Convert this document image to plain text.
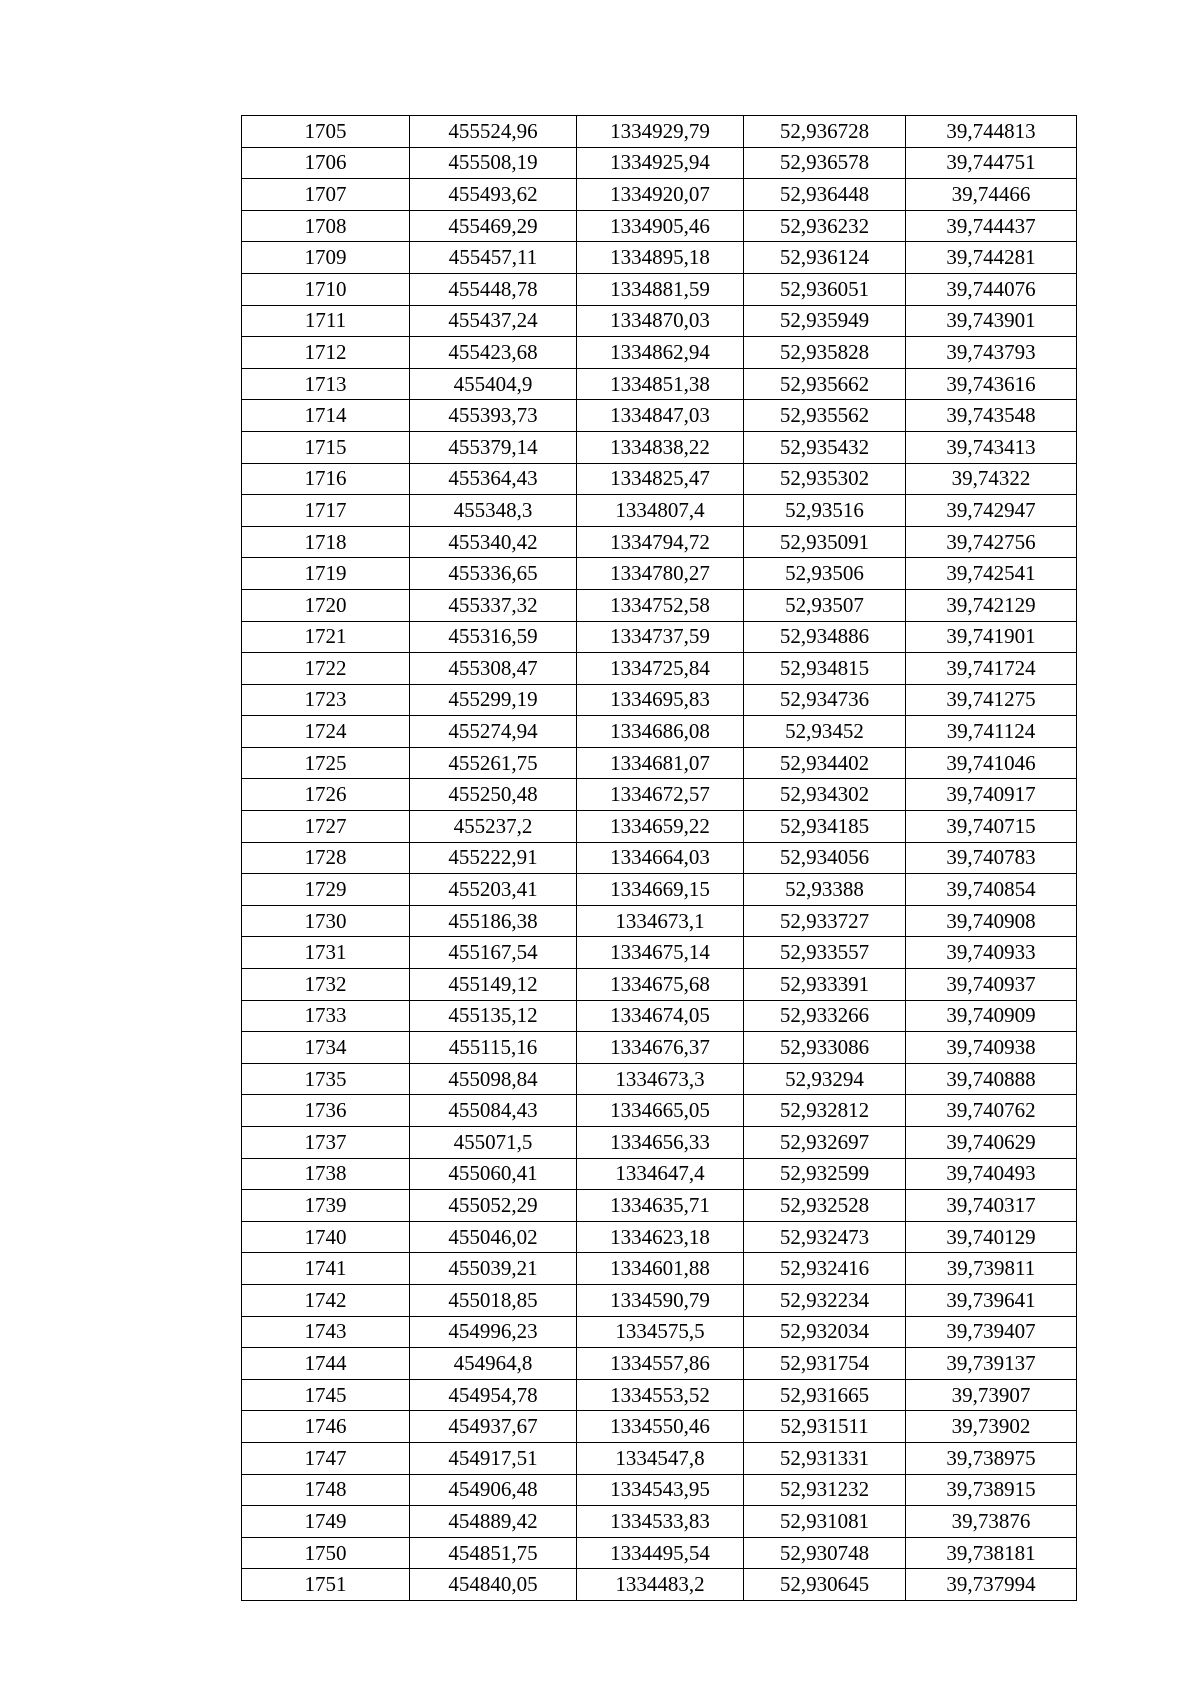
1705	455524,96	1334929,79	52,936728	39,744813
1706	455508,19	1334925,94	52,936578	39,744751
1707	455493,62	1334920,07	52,936448	39,74466
1708	455469,29	1334905,46	52,936232	39,744437
1709	455457,11	1334895,18	52,936124	39,744281
1710	455448,78	1334881,59	52,936051	39,744076
1711	455437,24	1334870,03	52,935949	39,743901
1712	455423,68	1334862,94	52,935828	39,743793
1713	455404,9	1334851,38	52,935662	39,743616
1714	455393,73	1334847,03	52,935562	39,743548
1715	455379,14	1334838,22	52,935432	39,743413
1716	455364,43	1334825,47	52,935302	39,74322
1717	455348,3	1334807,4	52,93516	39,742947
1718	455340,42	1334794,72	52,935091	39,742756
1719	455336,65	1334780,27	52,93506	39,742541
1720	455337,32	1334752,58	52,93507	39,742129
1721	455316,59	1334737,59	52,934886	39,741901
1722	455308,47	1334725,84	52,934815	39,741724
1723	455299,19	1334695,83	52,934736	39,741275
1724	455274,94	1334686,08	52,93452	39,741124
1725	455261,75	1334681,07	52,934402	39,741046
1726	455250,48	1334672,57	52,934302	39,740917
1727	455237,2	1334659,22	52,934185	39,740715
1728	455222,91	1334664,03	52,934056	39,740783
1729	455203,41	1334669,15	52,93388	39,740854
1730	455186,38	1334673,1	52,933727	39,740908
1731	455167,54	1334675,14	52,933557	39,740933
1732	455149,12	1334675,68	52,933391	39,740937
1733	455135,12	1334674,05	52,933266	39,740909
1734	455115,16	1334676,37	52,933086	39,740938
1735	455098,84	1334673,3	52,93294	39,740888
1736	455084,43	1334665,05	52,932812	39,740762
1737	455071,5	1334656,33	52,932697	39,740629
1738	455060,41	1334647,4	52,932599	39,740493
1739	455052,29	1334635,71	52,932528	39,740317
1740	455046,02	1334623,18	52,932473	39,740129
1741	455039,21	1334601,88	52,932416	39,739811
1742	455018,85	1334590,79	52,932234	39,739641
1743	454996,23	1334575,5	52,932034	39,739407
1744	454964,8	1334557,86	52,931754	39,739137
1745	454954,78	1334553,52	52,931665	39,73907
1746	454937,67	1334550,46	52,931511	39,73902
1747	454917,51	1334547,8	52,931331	39,738975
1748	454906,48	1334543,95	52,931232	39,738915
1749	454889,42	1334533,83	52,931081	39,73876
1750	454851,75	1334495,54	52,930748	39,738181
1751	454840,05	1334483,2	52,930645	39,737994
